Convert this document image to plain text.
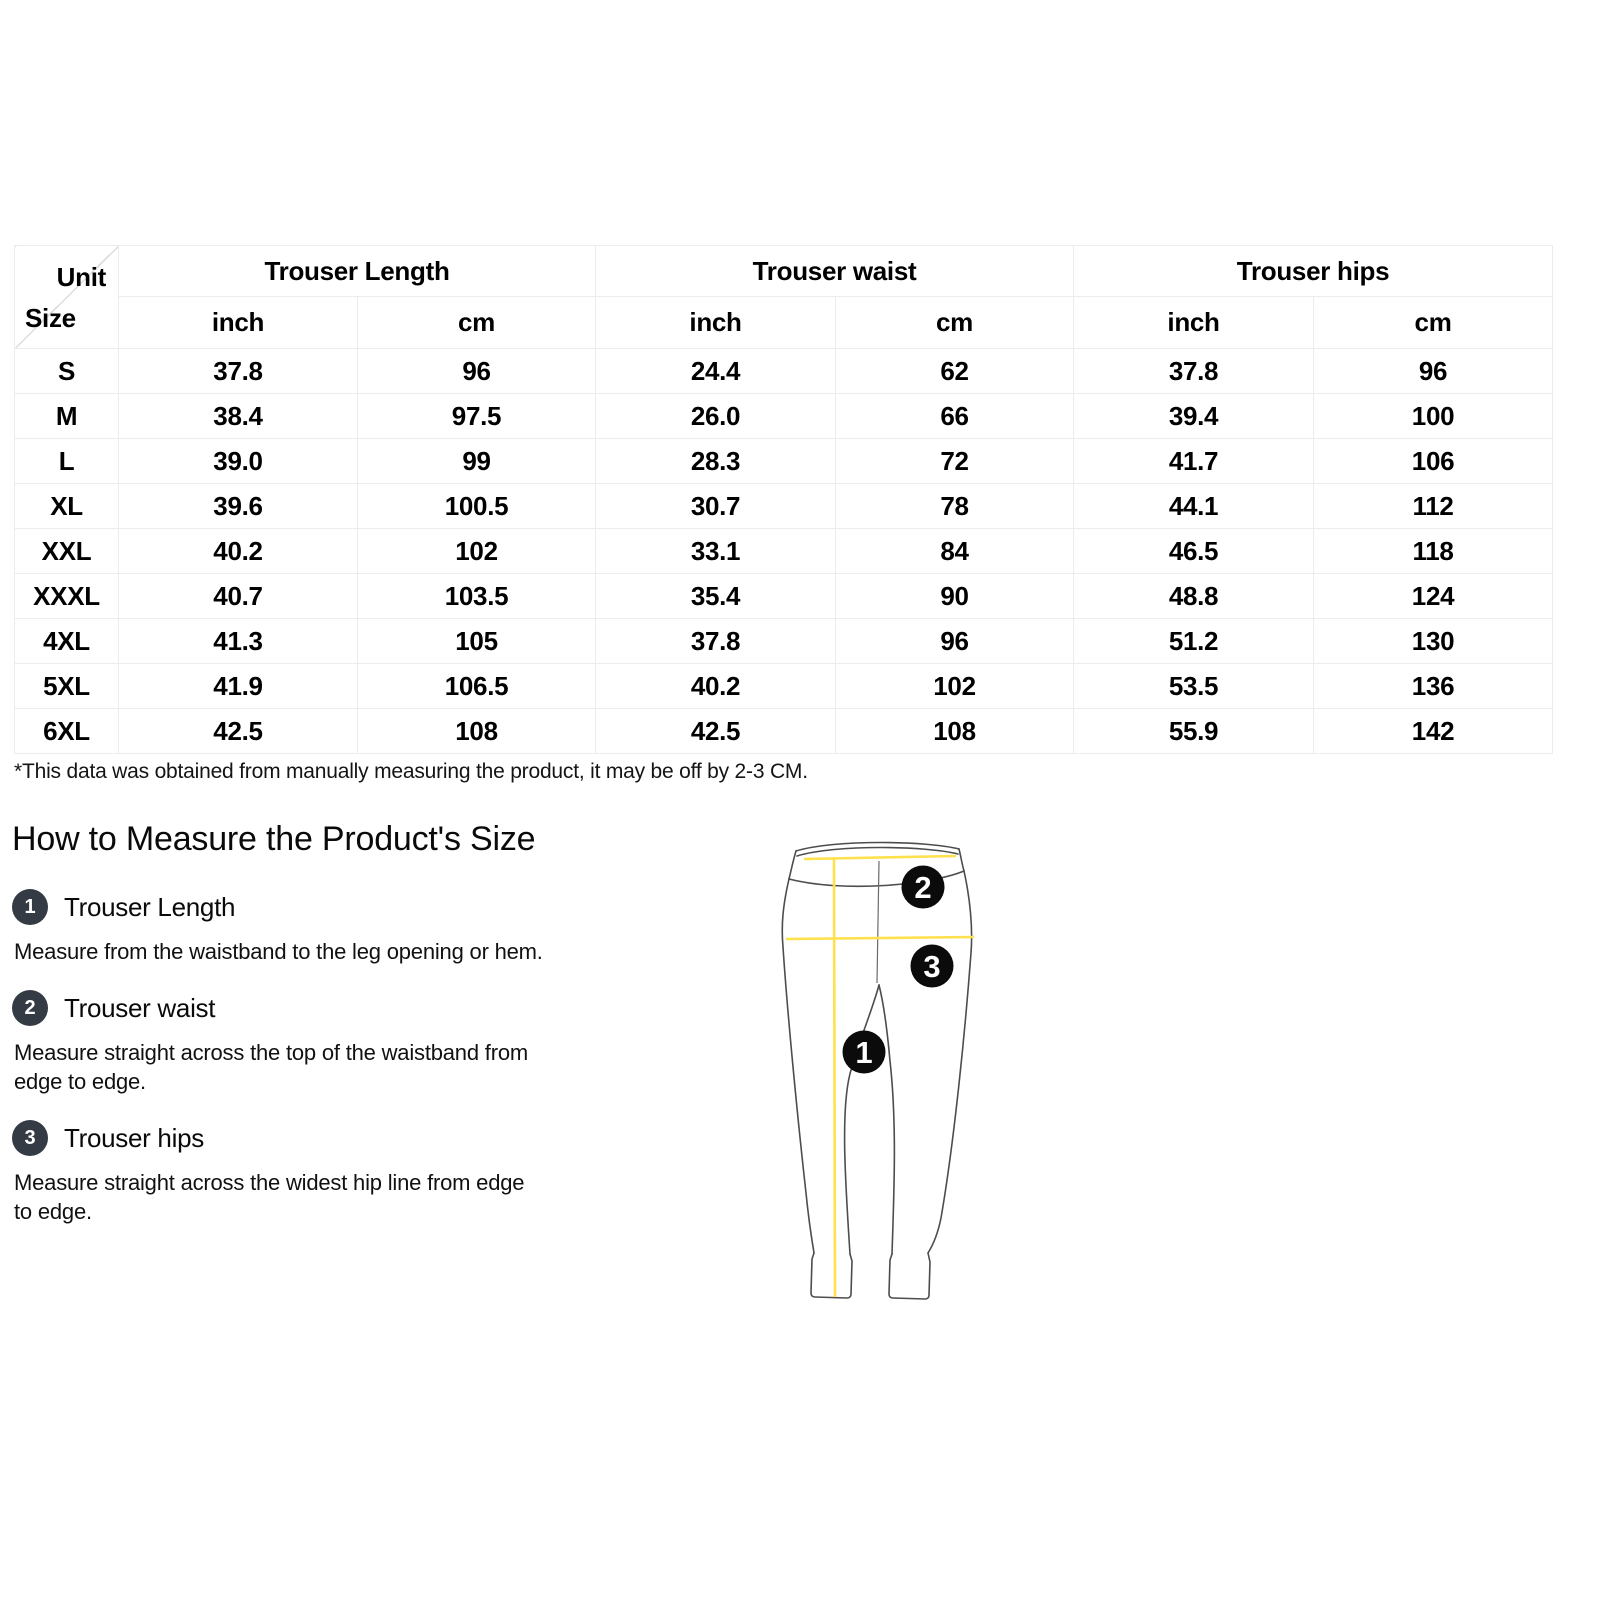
Unit
Size	Trouser Length		Trouser waist		Trouser hips	
	inch	cm	inch	cm	inch	cm
S	37.8	96	24.4	62	37.8	96
M	38.4	97.5	26.0	66	39.4	100
L	39.0	99	28.3	72	41.7	106
XL	39.6	100.5	30.7	78	44.1	112
XXL	40.2	102	33.1	84	46.5	118
XXXL	40.7	103.5	35.4	90	48.8	124
4XL	41.3	105	37.8	96	51.2	130
5XL	41.9	106.5	40.2	102	53.5	136
6XL	42.5	108	42.5	108	55.9	142

*This data was obtained from manually measuring the product, it may be off by 2-3 CM.

How to Measure the Product's Size
1	Trouser Length

Measure from the waistband to the leg opening or hem.

2	Trouser waist

Measure straight across the top of the waistband from edge to edge.

3	Trouser hips

Measure straight across the widest hip line from edge to edge.

1
2
3
